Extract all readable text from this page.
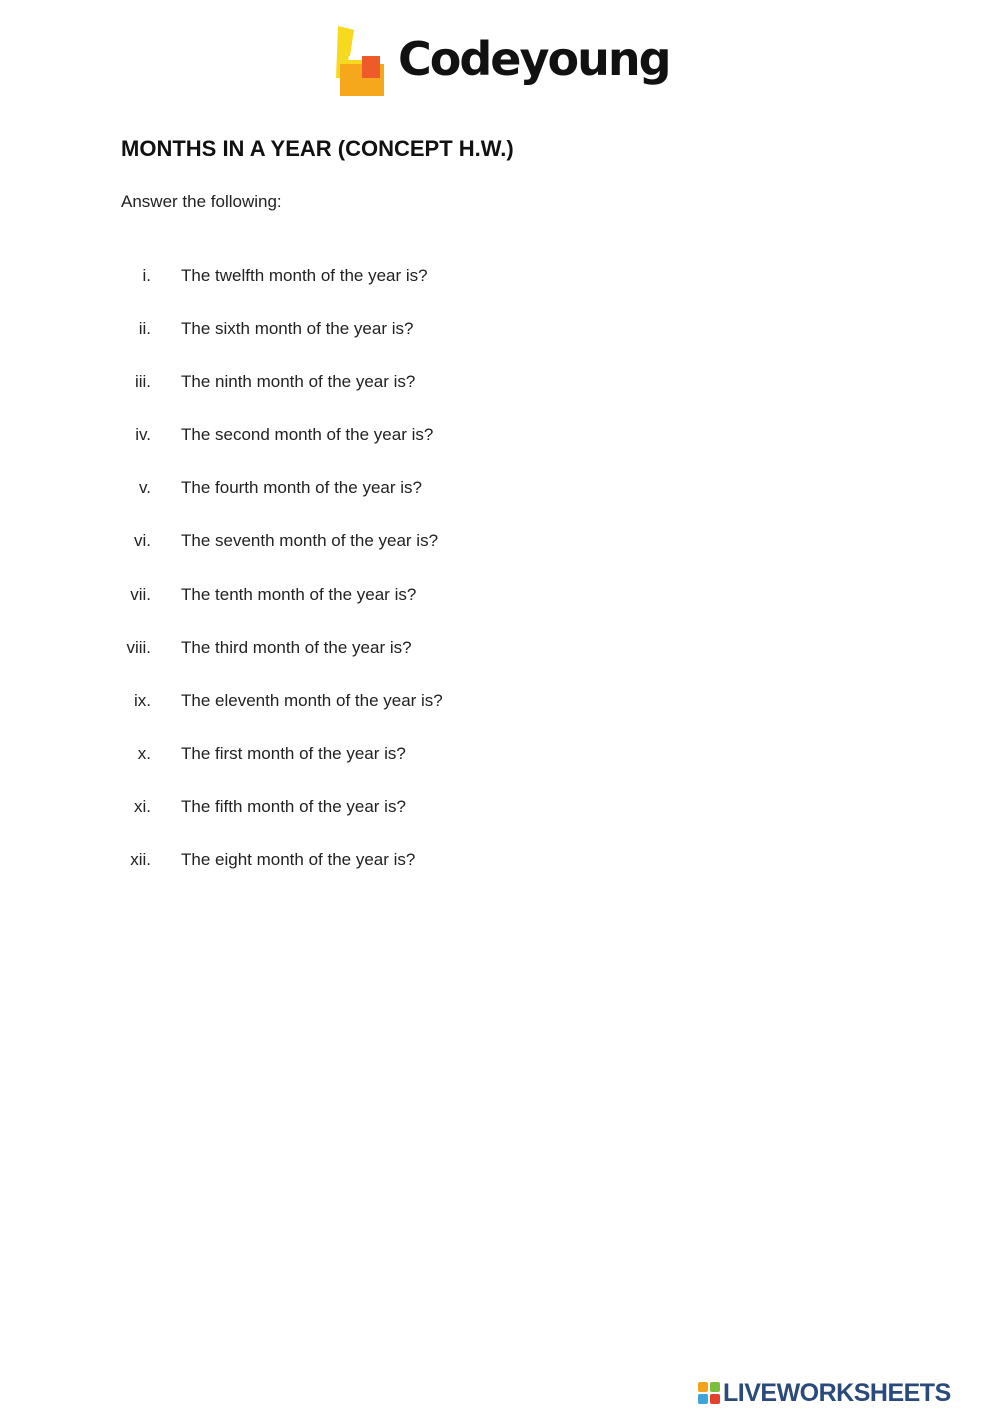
Codeyoung
MONTHS IN A YEAR (CONCEPT H.W.)
Answer the following:
i. The twelfth month of the year is?
ii. The sixth month of the year is?
iii. The ninth month of the year is?
iv. The second month of the year is?
v. The fourth month of the year is?
vi. The seventh month of the year is?
vii. The tenth month of the year is?
viii. The third month of the year is?
ix. The eleventh month of the year is?
x. The first month of the year is?
xi. The fifth month of the year is?
xii. The eight month of the year is?
LIVEWORKSHEETS
